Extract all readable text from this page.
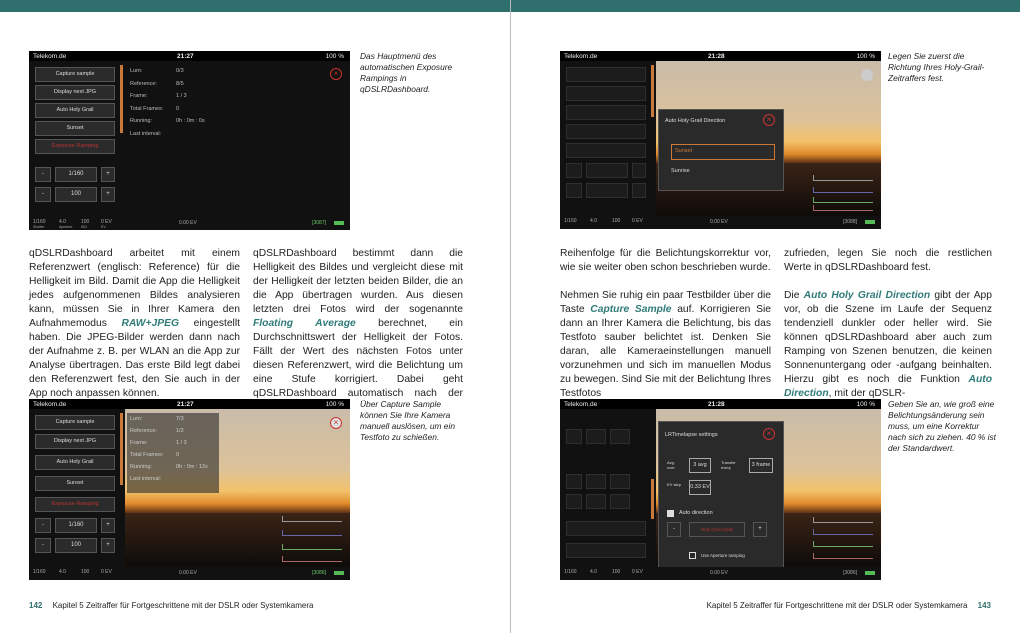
Telekom.de	21:27	100 %
Capture sample
Display next JPG
Auto Holy Grail
Sunset
Exposure Ramping
-	1/160	+
-	100	+
Lum:	0/3
Reference:	8/5
Frame:	1 / 3
Total Frames: 0
Running:	0h : 0m : 0s
Last interval:
×
1/160	4.0	100 0 EV
Shutter	Aperture ISO	EV
0.00 EV	[3087]
Das Hauptmenü des automatischen Exposure Rampings in qDSLRDashboard.

qDSLRDashboard arbeitet mit einem Referenzwert (englisch: Reference) für die Helligkeit im Bild. Damit die App die Helligkeit jedes aufgenommenen Bildes analysieren kann, müssen Sie in Ihrer Kamera den Aufnahmemodus RAW+JPEG eingestellt haben. Die JPEG-Bilder werden dann nach der Aufnahme z. B. per WLAN an die App zur Analyse übertragen. Das erste Bild legt dabei den Referenzwert fest, den Sie auch in der App noch anpassen können.

qDSLRDashboard bestimmt dann die Helligkeit des Bildes und vergleicht diese mit der Helligkeit der letzten beiden Bilder, die an die App übertragen wurden. Aus diesen letzten drei Fotos wird der sogenannte Floating Average berechnet, ein Durchschnittswert der Helligkeit der Fotos. Fällt der Wert des nächsten Fotos unter diesen Referenzwert, wird die Belichtung um eine Stufe korrigiert. Dabei geht qDSLRDashboard automatisch nach der

Telekom.de	21:27	100 %
Capture sample
Display next JPG
Auto Holy Grail
Sunset
Exposure Ramping
-	1/160	+
-	100	+
Lum:	7/3
Reference:	1/2
Frame:	1 / 3
Total Frames: 0
Running:	0h : 0m : 12s
Last interval:
×
1/160	4.0	100 0 EV	0.00 EV	[3086]
Über Capture Sample können Sie Ihre Kamera manuell auslösen, um ein Testfoto zu schießen.
142 Kapitel 5 Zeitraffer für Fortgeschrittene mit der DSLR oder Systemkamera
Telekom.de	21:28	100 %
Auto Holy Grail Direction	×
Sunset
Sunrise
1/160	4.0	100 0 EV	0.00 EV	[3088]
Legen Sie zuerst die Richtung Ihres Holy-Grail-Zeitraffers fest.

Reihenfolge für die Belichtungskorrektur vor, wie sie weiter oben schon beschrieben wurde.

Nehmen Sie ruhig ein paar Testbilder über die Taste Capture Sample auf. Korrigieren Sie dann an Ihrer Kamera die Belichtung, bis das Testfoto sauber belichtet ist. Denken Sie daran, alle Kameraeinstellungen manuell vorzunehmen und sich im manuellen Modus zu bewegen. Sind Sie mit der Belichtung Ihres Testfotos

zufrieden, legen Sie noch die restlichen Werte in qDSLRDashboard fest.

Die Auto Holy Grail Direction gibt der App vor, ob die Szene im Laufe der Sequenz tendenziell dunkler oder heller wird. Sie können qDSLRDashboard aber auch zum Ramping von Szenen benutzen, die keinen Sonnenuntergang oder -aufgang beinhalten. Hierzu gibt es noch die Funktion Auto Direction, mit der qDSLR-

Telekom.de	21:28	100 %
LRTimelapse settings	×
Avg. over	3 avg	Transfer every	3 frame
EV step	0.33 EV
Auto direction
-	Holy Grail mode	+
Use Aperture ramping
1/160	4.0	100 0 EV	0.00 EV	[3086]
Geben Sie an, wie groß eine Belichtungsänderung sein muss, um eine Korrektur nach sich zu ziehen. 40 % ist der Standardwert.
Kapitel 5 Zeitraffer für Fortgeschrittene mit der DSLR oder Systemkamera 143
